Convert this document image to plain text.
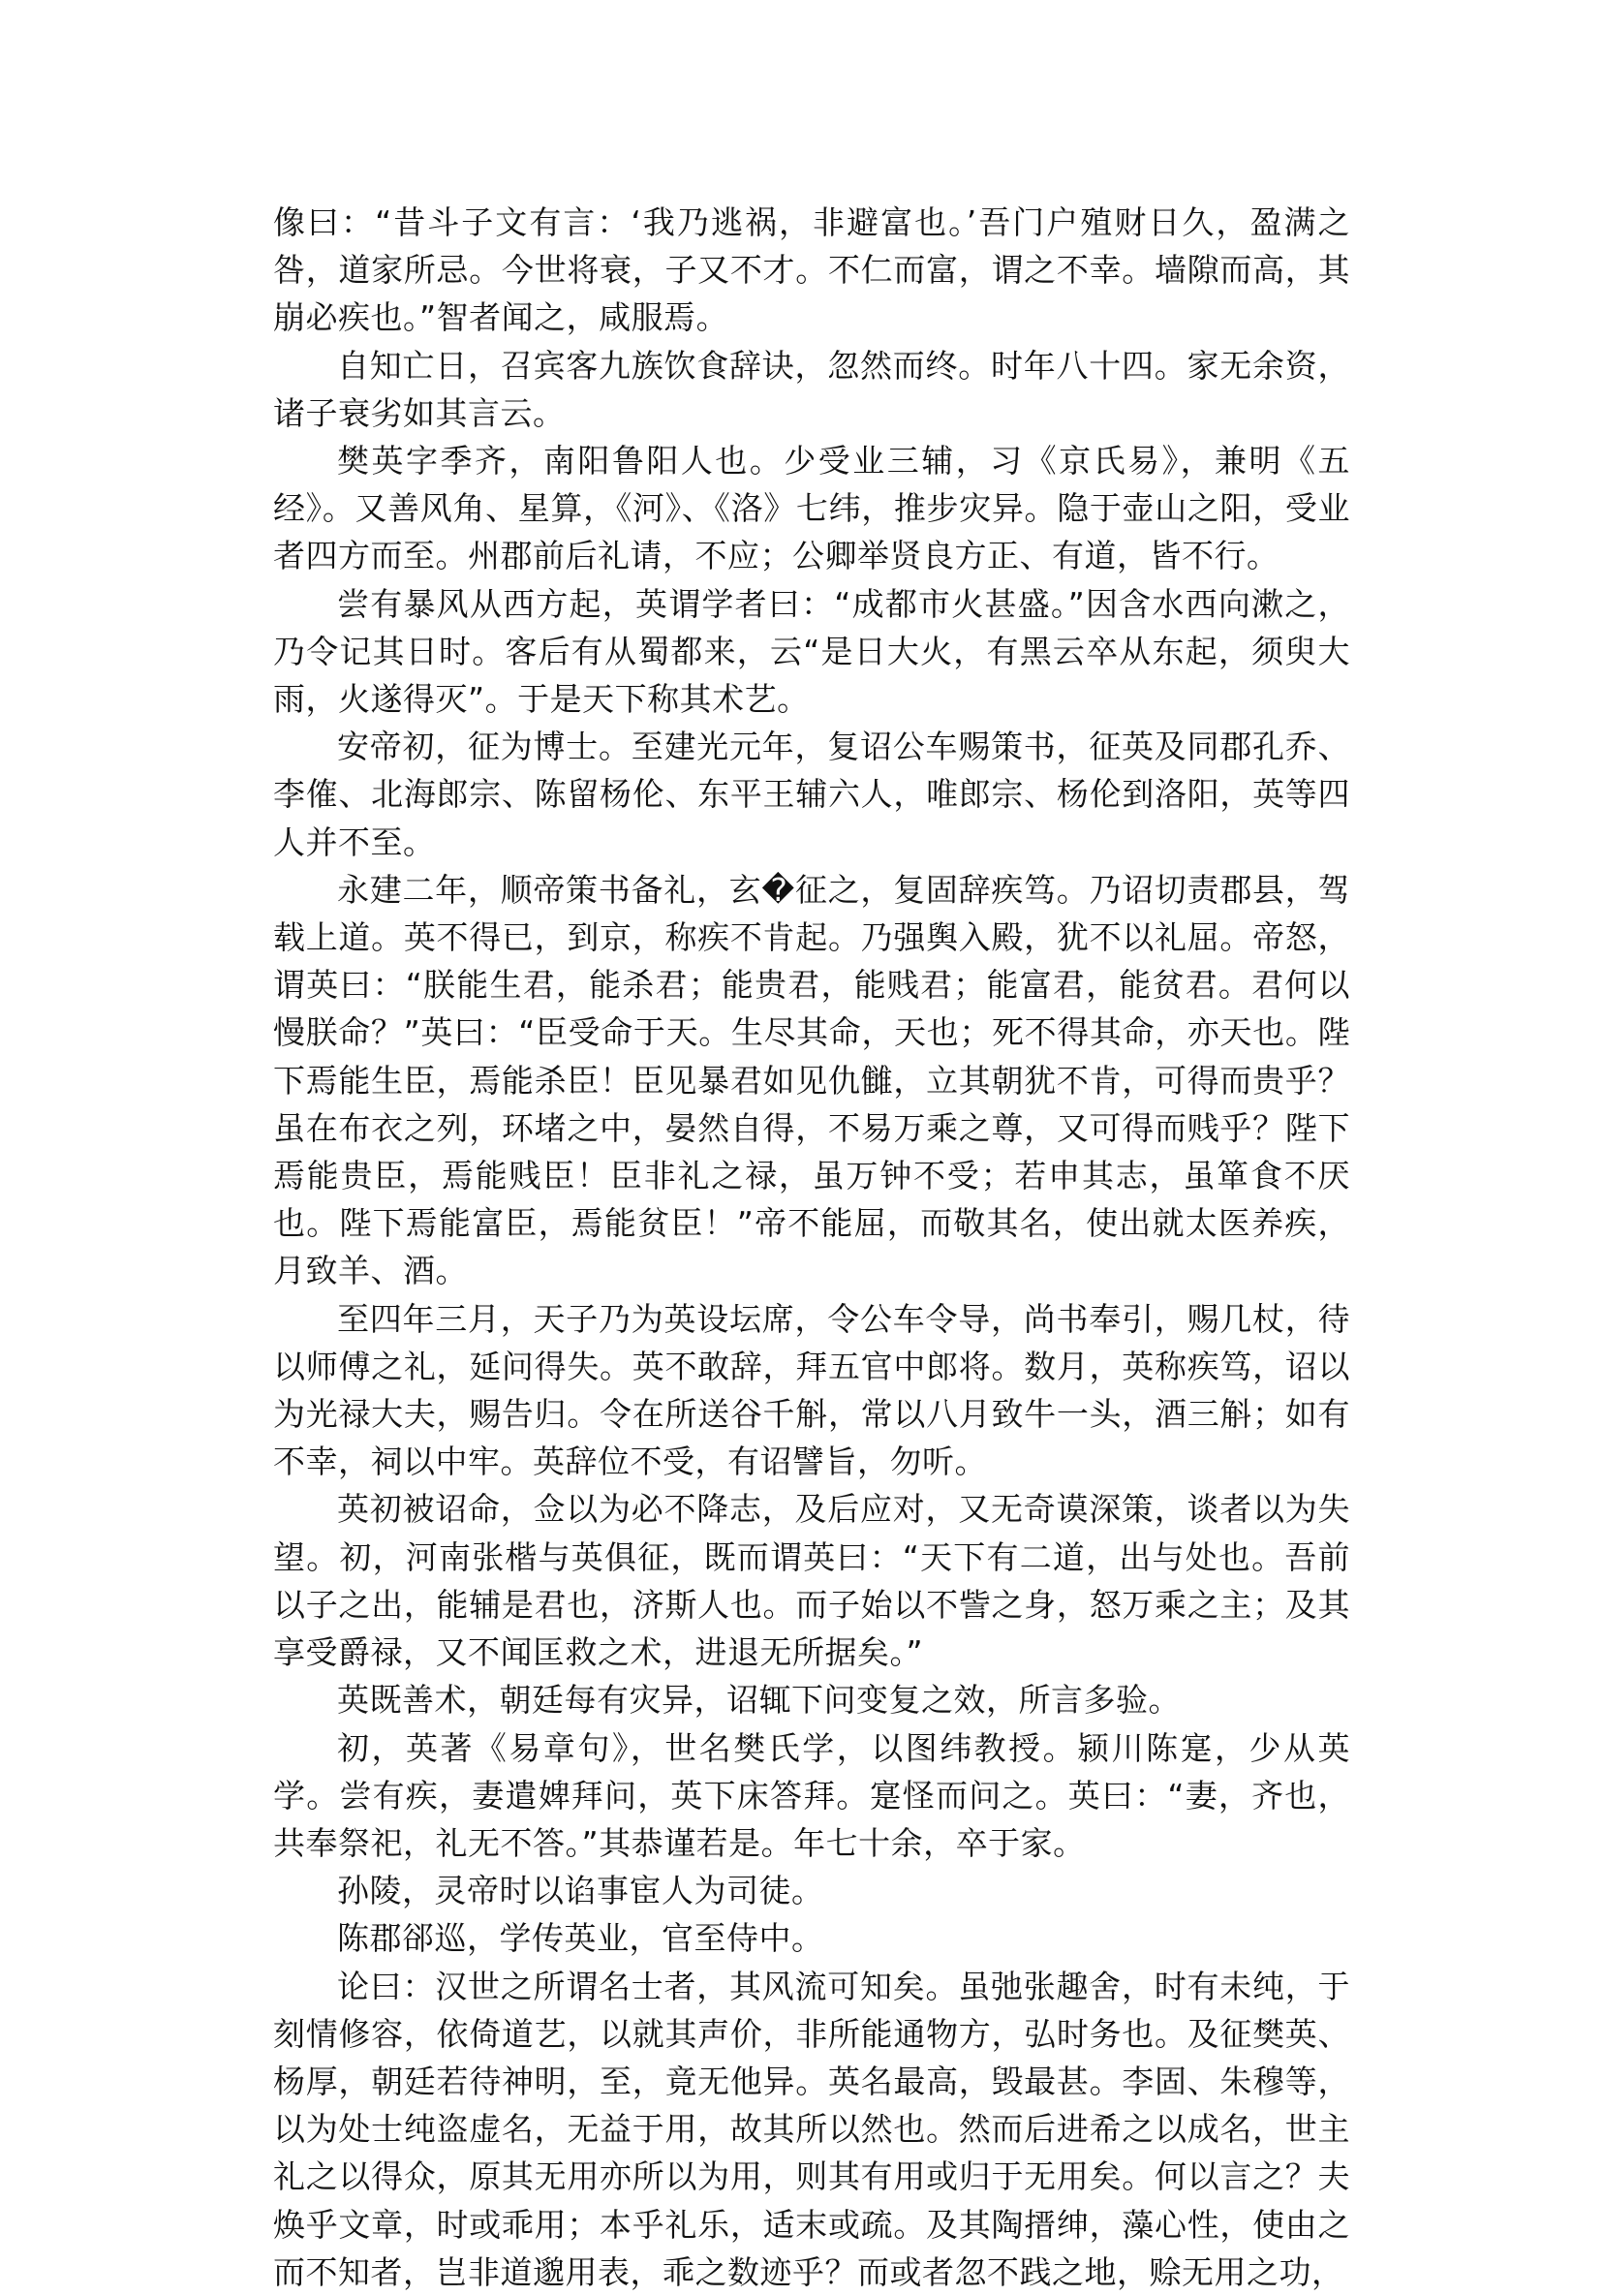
像曰：“昔斗子文有言：‘我乃逃祸，非避富也。’吾门户殖财日久，盈满之咎，道家所忌。今世将衰，子又不才。不仁而富，谓之不幸。墙隙而高，其崩必疾也。”智者闻之，咸服焉。

自知亡日，召宾客九族饮食辞诀，忽然而终。时年八十四。家无余资，诸子衰劣如其言云。

樊英字季齐，南阳鲁阳人也。少受业三辅，习《京氏易》，兼明《五经》。又善风角、星算，《河》、《洛》七纬，推步灾异。隐于壶山之阳，受业者四方而至。州郡前后礼请，不应；公卿举贤良方正、有道，皆不行。

尝有暴风从西方起，英谓学者曰：“成都市火甚盛。”因含水西向漱之，乃令记其日时。客后有从蜀都来，云“是日大火，有黑云卒从东起，须臾大雨，火遂得灭”。于是天下称其术艺。

安帝初，征为博士。至建光元年，复诏公车赐策书，征英及同郡孔乔、李傕、北海郎宗、陈留杨伦、东平王辅六人，唯郎宗、杨伦到洛阳，英等四人并不至。

永建二年，顺帝策书备礼，玄�征之，复固辞疾笃。乃诏切责郡县，驾载上道。英不得已，到京，称疾不肯起。乃强舆入殿，犹不以礼屈。帝怒，谓英曰：“朕能生君，能杀君；能贵君，能贱君；能富君，能贫君。君何以慢朕命？”英曰：“臣受命于天。生尽其命，天也；死不得其命，亦天也。陛下焉能生臣，焉能杀臣！臣见暴君如见仇雠，立其朝犹不肯，可得而贵乎？虽在布衣之列，环堵之中，晏然自得，不易万乘之尊，又可得而贱乎？陛下焉能贵臣，焉能贱臣！臣非礼之禄，虽万钟不受；若申其志，虽箪食不厌也。陛下焉能富臣，焉能贫臣！”帝不能屈，而敬其名，使出就太医养疾，月致羊、酒。

至四年三月，天子乃为英设坛席，令公车令导，尚书奉引，赐几杖，待以师傅之礼，延问得失。英不敢辞，拜五官中郎将。数月，英称疾笃，诏以为光禄大夫，赐告归。令在所送谷千斛，常以八月致牛一头，酒三斛；如有不幸，祠以中牢。英辞位不受，有诏譬旨，勿听。

英初被诏命，佥以为必不降志，及后应对，又无奇谟深策，谈者以为失望。初，河南张楷与英俱征，既而谓英曰：“天下有二道，出与处也。吾前以子之出，能辅是君也，济斯人也。而子始以不訾之身，怒万乘之主；及其享受爵禄，又不闻匡救之术，进退无所据矣。”

英既善术，朝廷每有灾异，诏辄下问变复之效，所言多验。

初，英著《易章句》，世名樊氏学，以图纬教授。颍川陈寔，少从英学。尝有疾，妻遣婢拜问，英下床答拜。寔怪而问之。英曰：“妻，齐也，共奉祭祀，礼无不答。”其恭谨若是。年七十余，卒于家。

孙陵，灵帝时以谄事宦人为司徒。

陈郡郤巡，学传英业，官至侍中。

论曰：汉世之所谓名士者，其风流可知矣。虽弛张趣舍，时有未纯，于刻情修容，依倚道艺，以就其声价，非所能通物方，弘时务也。及征樊英、杨厚，朝廷若待神明，至，竟无他异。英名最高，毁最甚。李固、朱穆等，以为处士纯盗虚名，无益于用，故其所以然也。然而后进希之以成名，世主礼之以得众，原其无用亦所以为用，则其有用或归于无用矣。何以言之？夫焕乎文章，时或乖用；本乎礼乐，适末或疏。及其陶搢绅，藻心性，使由之而不知者，岂非道邈用表，乖之数迹乎？而或者忽不践之地，赊无用之功，
